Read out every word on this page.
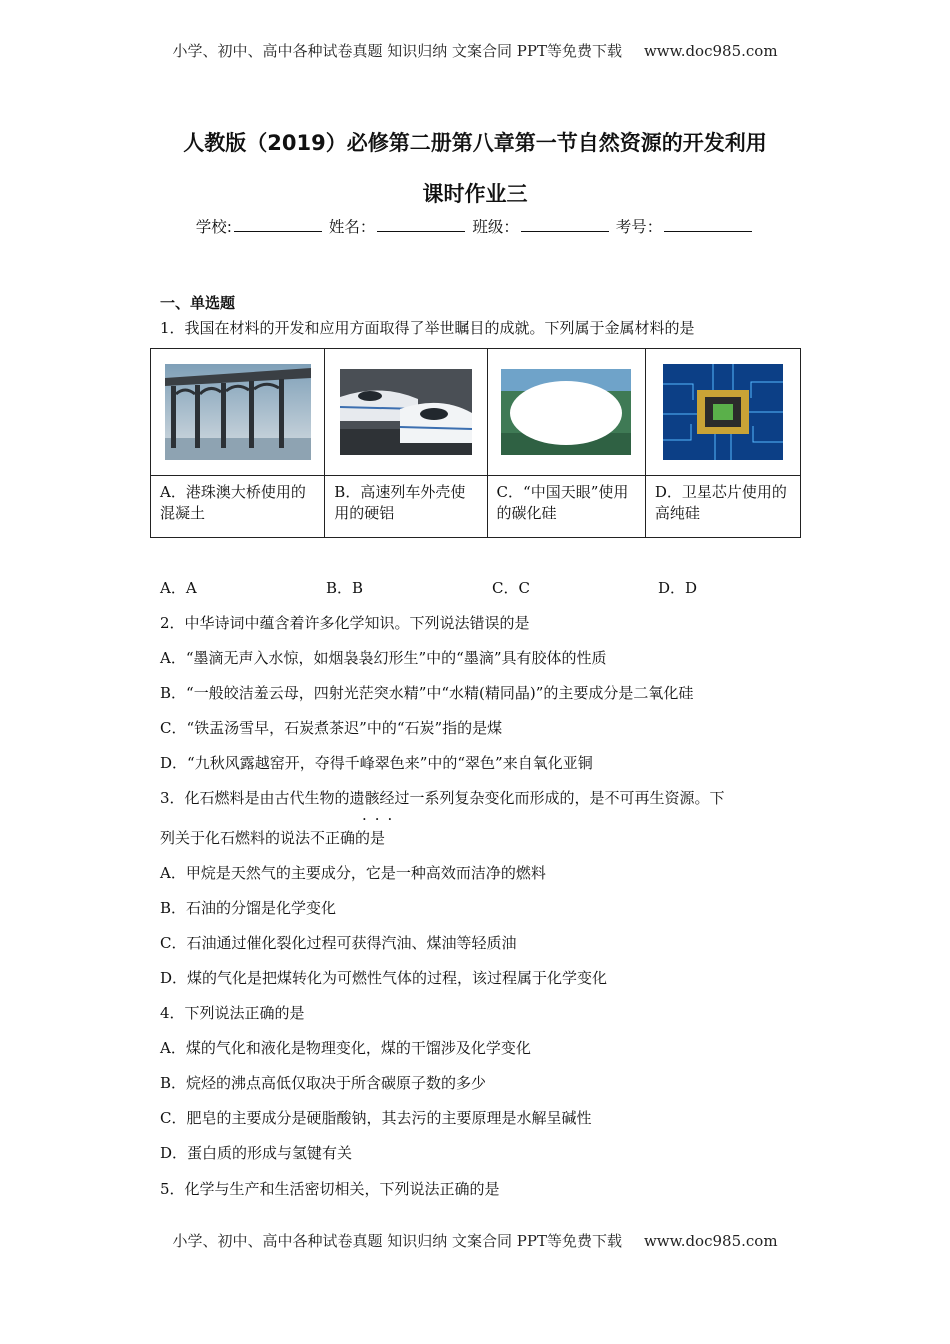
小学、初中、高中各种试卷真题 知识归纳 文案合同 PPT等免费下载 www.doc985.com
人教版（2019）必修第二册第八章第一节自然资源的开发利用
课时作业三
学校:	姓名：	班级：	考号：
一、单选题
1．我国在材料的开发和应用方面取得了举世瞩目的成就。下列属于金属材料的是

A．港珠澳大桥使用的混凝土	B．高速列车外壳使用的硬铝	C．“中国天眼”使用的碳化硅	D．卫星芯片使用的高纯硅
A．A	B．B	C．C	D．D
2．中华诗词中蕴含着许多化学知识。下列说法错误的是
A．“墨滴无声入水惊，如烟袅袅幻形生”中的“墨滴”具有胶体的性质
B．“一般皎洁羞云母，四射光茫突水精”中“水精(精同晶)”的主要成分是二氧化硅
C．“铁盂汤雪早，石炭煮茶迟”中的“石炭”指的是煤
D．“九秋风露越窑开，夺得千峰翠色来”中的“翠色”来自氧化亚铜
3．化石燃料是由古代生物的遗骸经过一系列复杂变化而形成的，是不可再生资源。下
···
列关于化石燃料的说法不正确的是
A．甲烷是天然气的主要成分，它是一种高效而洁净的燃料
B．石油的分馏是化学变化
C．石油通过催化裂化过程可获得汽油、煤油等轻质油
D．煤的气化是把煤转化为可燃性气体的过程，该过程属于化学变化
4．下列说法正确的是
A．煤的气化和液化是物理变化，煤的干馏涉及化学变化
B．烷烃的沸点高低仅取决于所含碳原子数的多少
C．肥皂的主要成分是硬脂酸钠，其去污的主要原理是水解呈碱性
D．蛋白质的形成与氢键有关
5．化学与生产和生活密切相关，下列说法正确的是
小学、初中、高中各种试卷真题 知识归纳 文案合同 PPT等免费下载 www.doc985.com
